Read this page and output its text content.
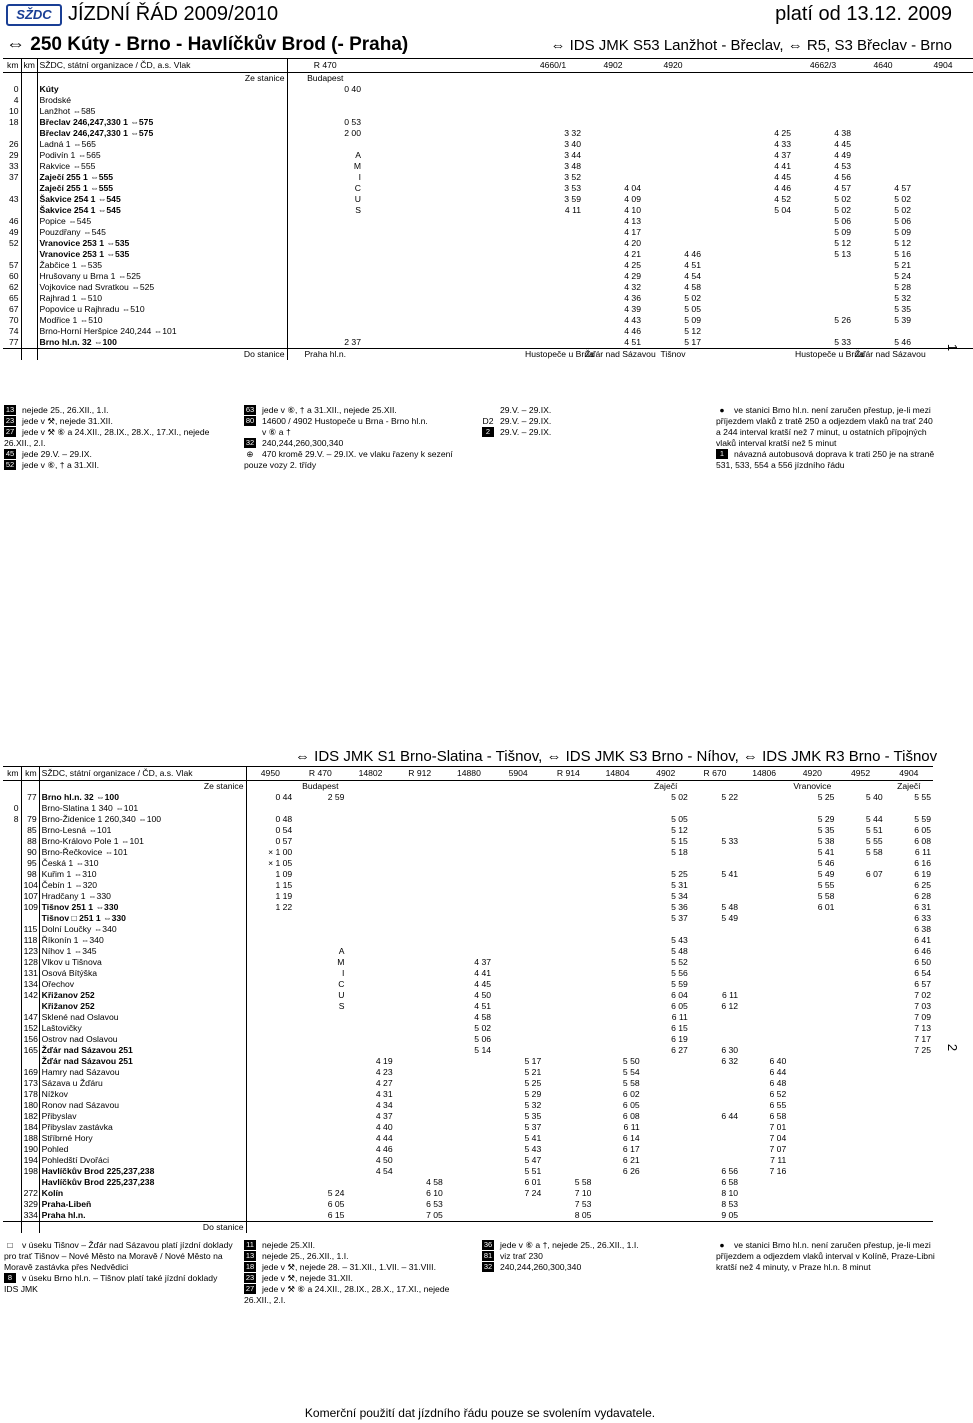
SŽDC JÍZDNÍ ŘÁD 2009/2010	platí od 13.12. 2009
⇔ 250 Kúty - Brno - Havlíčkův Brod (- Praha)	⇔ IDS JMK S53 Lanžhot - Břeclav, ⇔ R5, S3 Břeclav - Brno
km	km	SŽDC, státní organizace / ČD, a.s. Vlak	R 470			4660/1	4902	4920		4662/3	4640	4904
		Ze stanice	Budapest									
0		Kúty	0 40									
4		Brodské										
10		Lanžhot ⇔585										
18		Břeclav 246,247,330 1 ⇔575	0 53									
		Břeclav 246,247,330 1 ⇔575	2 00			3 32			4 25	4 38		
26		Ladná 1 ⇔565				3 40			4 33	4 45		
29		Podivín 1 ⇔565	A			3 44			4 37	4 49		
33		Rakvice ⇔555	M			3 48			4 41	4 53		
37		Zaječí 255 1 ⇔555	I			3 52			4 45	4 56		
		Zaječí 255 1 ⇔555	C			3 53	4 04		4 46	4 57	4 57	
43		Šakvice 254 1 ⇔545	U			3 59	4 09		4 52	5 02	5 02	
		Šakvice 254 1 ⇔545	S			4 11	4 10		5 04	5 02	5 02	
46		Popice ⇔545					4 13			5 06	5 06	
49		Pouzdřany ⇔545					4 17			5 09	5 09	
52		Vranovice 253 1 ⇔535					4 20			5 12	5 12	
		Vranovice 253 1 ⇔535					4 21	4 46		5 13	5 16	
57		Žabčice 1 ⇔535					4 25	4 51			5 21	
60		Hrušovany u Brna 1 ⇔525					4 29	4 54			5 24	
62		Vojkovice nad Svratkou ⇔525					4 32	4 58			5 28	
65		Rajhrad 1 ⇔510					4 36	5 02			5 32	
67		Popovice u Rajhradu ⇔510					4 39	5 05			5 35	
70		Modřice 1 ⇔510					4 43	5 09		5 26	5 39	
74		Brno-Horní Heršpice 240,244 ⇔101					4 46	5 12				
77		Brno hl.n. 32 ⇔100	2 37				4 51	5 17		5 33	5 46	
		Do stanice	Praha hl.n.			Hustopeče u Brna	Žďár nad Sázavou	Tišnov		Hustopeče u Brna	Žďár nad Sázavou	
1
13 nejede 25., 26.XII., 1.I.
23 jede v ⚒, nejede 31.XII.
27 jede v ⚒ ⑥ a 24.XII., 28.IX., 28.X., 17.XI., nejede 26.XII., 2.I.
45 jede 29.V. – 29.IX.
52 jede v ⑥, † a 31.XII.
63 jede v ⑥, † a 31.XII., nejede 25.XII.
80 14600 / 4902 Hustopeče u Brna - Brno hl.n.
v ⑥ a †
32 240,244,260,300,340
⊕ 470 kromě 29.V. – 29.IX. ve vlaku řazeny k sezení pouze vozy 2. třídy
29.V. – 29.IX.
D2 29.V. – 29.IX.
2 29.V. – 29.IX.
● ve stanici Brno hl.n. není zaručen přestup, je-li mezi příjezdem vlaků z tratě 250 a odjezdem vlaků na trať 240 a 244 interval kratší než 7 minut, u ostatních přípojných vlaků interval kratší než 5 minut
1 návazná autobusová doprava k trati 250 je na straně 531, 533, 554 a 556 jízdního řádu
⇔ IDS JMK S1 Brno-Slatina - Tišnov, ⇔ IDS JMK S3 Brno - Níhov, ⇔ IDS JMK R3 Brno - Tišnov
km	km	SŽDC, státní organizace / ČD, a.s. Vlak	4950	R 470	14802	R 912	14880	5904	R 914	14804	4902	R 670	14806	4920	4952	4904
		Ze stanice		Budapest							Zaječí			Vranovice		Zaječí
	77	Brno hl.n. 32 ⇔100	0 44	2 59							5 02	5 22		5 25	5 40	5 55
0		Brno-Slatina 1 340 ⇔101														
8	79	Brno-Židenice 1 260,340 ⇔100	0 48								5 05			5 29	5 44	5 59
	85	Brno-Lesná ⇔101	0 54								5 12			5 35	5 51	6 05
	88	Brno-Královo Pole 1 ⇔101	0 57								5 15	5 33		5 38	5 55	6 08
	90	Brno-Řečkovice ⇔101	× 1 00								5 18			5 41	5 58	6 11
	95	Česká 1 ⇔310	× 1 05											5 46		6 16
	98	Kuřim 1 ⇔310	1 09								5 25	5 41		5 49	6 07	6 19
	104	Čebín 1 ⇔320	1 15								5 31			5 55		6 25
	107	Hradčany 1 ⇔330	1 19								5 34			5 58		6 28
	109	Tišnov 251 1 ⇔330	1 22								5 36	5 48		6 01		6 31
		Tišnov □ 251 1 ⇔330									5 37	5 49				6 33
	115	Dolní Loučky ⇔340														6 38
	118	Říkonín 1 ⇔340									5 43					6 41
	123	Níhov 1 ⇔345		A							5 48					6 46
	128	Vlkov u Tišnova		M			4 37				5 52					6 50
	131	Osová Bítýška		I			4 41				5 56					6 54
	134	Ořechov		C			4 45				5 59					6 57
	142	Křižanov 252		U			4 50				6 04	6 11				7 02
		Křižanov 252		S			4 51				6 05	6 12				7 03
	147	Sklené nad Oslavou					4 58				6 11					7 09
	152	Laštovičky					5 02				6 15					7 13
	156	Ostrov nad Oslavou					5 06				6 19					7 17
	165	Žďár nad Sázavou 251					5 14				6 27	6 30				7 25
		Žďár nad Sázavou 251			4 19			5 17		5 50		6 32	6 40			
	169	Hamry nad Sázavou			4 23			5 21		5 54			6 44			
	173	Sázava u Žďáru			4 27			5 25		5 58			6 48			
	178	Nížkov			4 31			5 29		6 02			6 52			
	180	Ronov nad Sázavou			4 34			5 32		6 05			6 55			
	182	Přibyslav			4 37			5 35		6 08		6 44	6 58			
	184	Přibyslav zastávka			4 40			5 37		6 11			7 01			
	188	Stříbrné Hory			4 44			5 41		6 14			7 04			
	190	Pohled			4 46			5 43		6 17			7 07			
	194	Pohledští Dvořáci			4 50			5 47		6 21			7 11			
	198	Havlíčkův Brod 225,237,238			4 54			5 51		6 26		6 56	7 16			
		Havlíčkův Brod 225,237,238				4 58		6 01	5 58			6 58				
	272	Kolín		5 24		6 10		7 24	7 10			8 10				
	329	Praha-Libeň		6 05		6 53			7 53			8 53				
	334	Praha hl.n.		6 15		7 05			8 05			9 05				
		Do stanice														
2
□ v úseku Tišnov – Žďár nad Sázavou platí jízdní doklady pro trať Tišnov – Nové Město na Moravě / Nové Město na Moravě zastávka přes Nedvědici
8 v úseku Brno hl.n. – Tišnov platí také jízdní doklady IDS JMK
11 nejede 25.XII.
13 nejede 25., 26.XII., 1.I.
18 jede v ⚒, nejede 28. – 31.XII., 1.VII. – 31.VIII.
23 jede v ⚒, nejede 31.XII.
27 jede v ⚒ ⑥ a 24.XII., 28.IX., 28.X., 17.XI., nejede 26.XII., 2.I.
36 jede v ⑥ a †, nejede 25., 26.XII., 1.I.
81 viz trať 230
32 240,244,260,300,340
● ve stanici Brno hl.n. není zaručen přestup, je-li mezi příjezdem a odjezdem vlaků interval v Kolíně, Praze-Libni kratší než 4 minuty, v Praze hl.n. 8 minut
Komerční použití dat jízdního řádu pouze se svolením vydavatele.
